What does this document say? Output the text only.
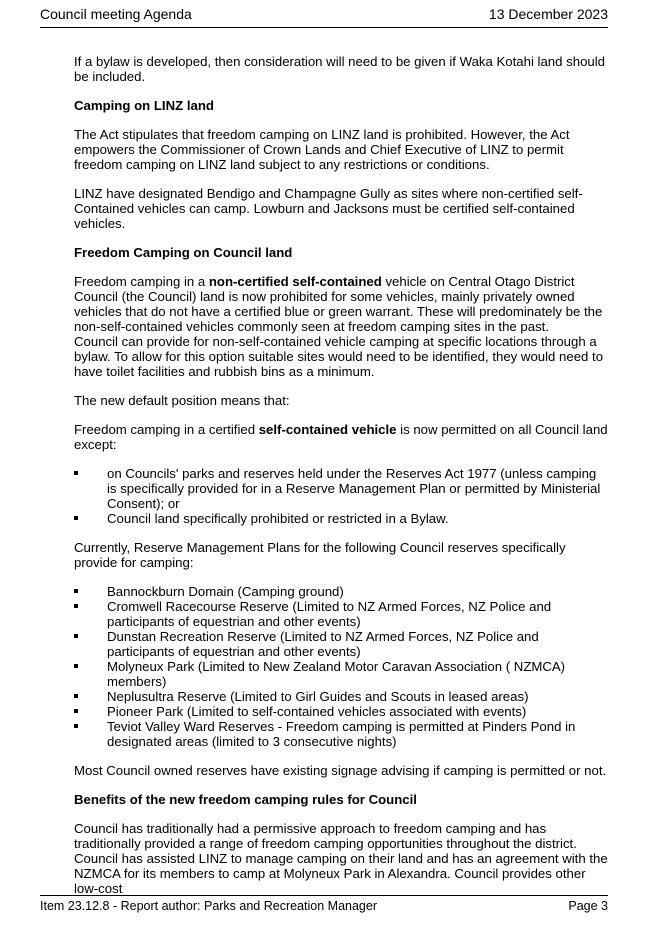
Council meeting Agenda	13 December 2023

If a bylaw is developed, then consideration will need to be given if Waka Kotahi land should be included.

Camping on LINZ land

The Act stipulates that freedom camping on LINZ land is prohibited. However, the Act empowers the Commissioner of Crown Lands and Chief Executive of LINZ to permit freedom camping on LINZ land subject to any restrictions or conditions.

LINZ have designated Bendigo and Champagne Gully as sites where non-certified self-Contained vehicles can camp. Lowburn and Jacksons must be certified self-contained vehicles.

Freedom Camping on Council land

Freedom camping in a non-certified self-contained vehicle on Central Otago District Council (the Council) land is now prohibited for some vehicles, mainly privately owned vehicles that do not have a certified blue or green warrant. These will predominately be the non-self-contained vehicles commonly seen at freedom camping sites in the past.

Council can provide for non-self-contained vehicle camping at specific locations through a bylaw. To allow for this option suitable sites would need to be identified, they would need to have toilet facilities and rubbish bins as a minimum.

The new default position means that:

Freedom camping in a certified self-contained vehicle is now permitted on all Council land except:

on Councils' parks and reserves held under the Reserves Act 1977 (unless camping is specifically provided for in a Reserve Management Plan or permitted by Ministerial Consent); or
Council land specifically prohibited or restricted in a Bylaw.

Currently, Reserve Management Plans for the following Council reserves specifically provide for camping:

Bannockburn Domain (Camping ground)
Cromwell Racecourse Reserve (Limited to NZ Armed Forces, NZ Police and participants of equestrian and other events)
Dunstan Recreation Reserve (Limited to NZ Armed Forces, NZ Police and participants of equestrian and other events)
Molyneux Park (Limited to New Zealand Motor Caravan Association ( NZMCA) members)
Neplusultra Reserve (Limited to Girl Guides and Scouts in leased areas)
Pioneer Park (Limited to self-contained vehicles associated with events)
Teviot Valley Ward Reserves - Freedom camping is permitted at Pinders Pond in designated areas (limited to 3 consecutive nights)

Most Council owned reserves have existing signage advising if camping is permitted or not.

Benefits of the new freedom camping rules for Council

Council has traditionally had a permissive approach to freedom camping and has traditionally provided a range of freedom camping opportunities throughout the district. Council has assisted LINZ to manage camping on their land and has an agreement with the NZMCA for its members to camp at Molyneux Park in Alexandra. Council provides other low-cost

Item 23.12.8 - Report author: Parks and Recreation Manager	Page 3
